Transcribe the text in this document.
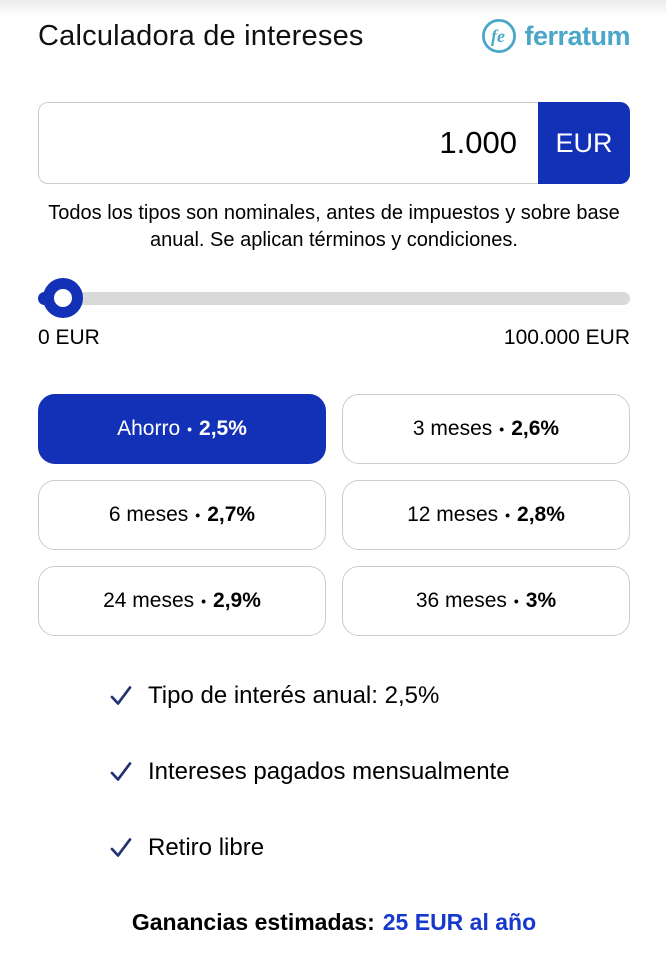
Calculadora de intereses	fe ferratum
1.000
EUR

Todos los tipos son nominales, antes de impuestos y sobre base anual. Se aplican términos y condiciones.

0 EUR	100.000 EUR
Ahorro • 2,5%	3 meses • 2,6%
6 meses • 2,7%	12 meses • 2,8%
24 meses • 2,9%	36 meses • 3%
Tipo de interés anual: 2,5%
Intereses pagados mensualmente
Retiro libre

Ganancias estimadas: 25 EUR al año
